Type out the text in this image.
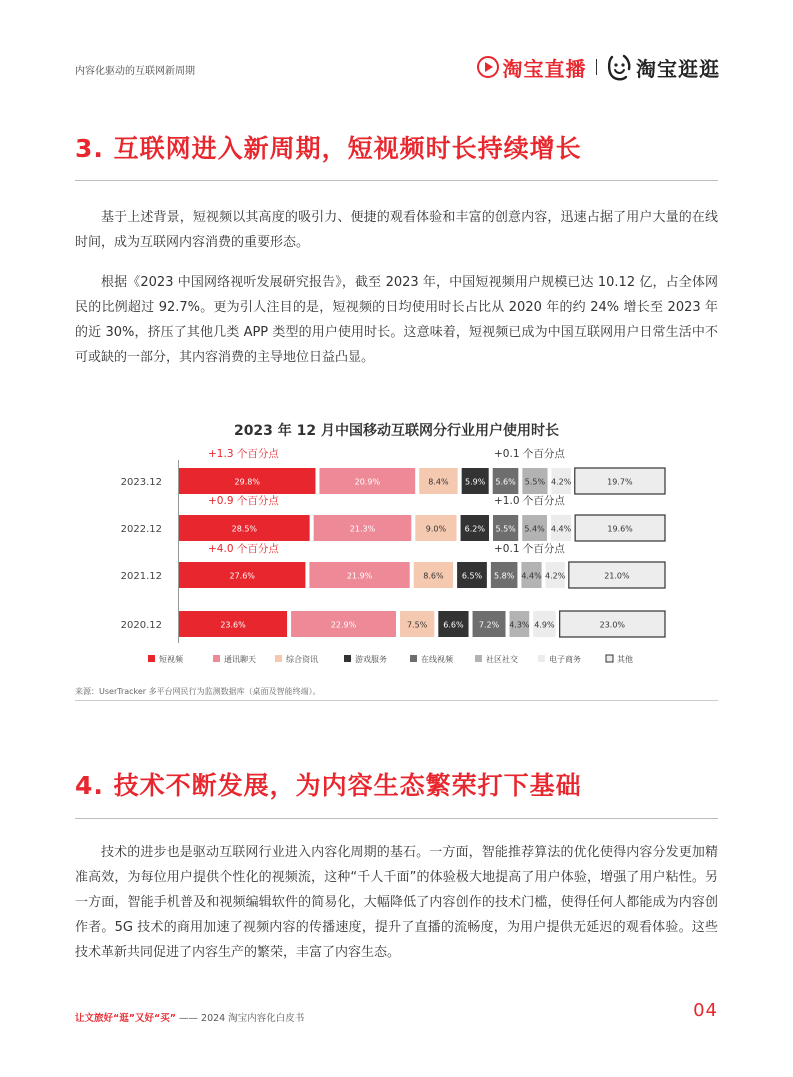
内容化驱动的互联网新周期	淘宝直播 淘宝逛逛
3. 互联网进入新周期，短视频时长持续增长

基于上述背景，短视频以其高度的吸引力、便捷的观看体验和丰富的创意内容，迅速占据了用户大量的在线时间，成为互联网内容消费的重要形态。

根据《2023 中国网络视听发展研究报告》，截至 2023 年，中国短视频用户规模已达 10.12 亿，占全体网民的比例超过 92.7%。更为引人注目的是，短视频的日均使用时长占比从 2020 年的约 24% 增长至 2023 年的近 30%，挤压了其他几类 APP 类型的用户使用时长。这意味着，短视频已成为中国互联网用户日常生活中不可或缺的一部分，其内容消费的主导地位日益凸显。

2023 年 12 月中国移动互联网分行业用户使用时长
2023.12	29.8%	20.9%	8.4% 5.9% 5.6% 5.5% 4.2%	19.7%
2022.12	28.5%	21.3%	9.0% 6.2% 5.5% 5.4% 4.4%	19.6%
2021.12	27.6%	21.9%	8.6% 6.5% 5.8% 4.4% 4.2%	21.0%
2020.12	23.6%	22.9%	7.5% 6.6% 7.2% 4.3% 4.9%	23.0%
+1.3 个百分点
+0.9 个百分点
+4.0 个百分点
+0.1 个百分点
+1.0 个百分点
+0.1 个百分点
短视频	通讯聊天	综合资讯	游戏服务	在线视频	社区社交	电子商务	其他
来源：UserTracker 多平台网民行为监测数据库（桌面及智能终端）。
4. 技术不断发展，为内容生态繁荣打下基础

技术的进步也是驱动互联网行业进入内容化周期的基石。一方面，智能推荐算法的优化使得内容分发更加精准高效，为每位用户提供个性化的视频流，这种“千人千面”的体验极大地提高了用户体验，增强了用户粘性。另一方面，智能手机普及和视频编辑软件的简易化，大幅降低了内容创作的技术门槛，使得任何人都能成为内容创作者。5G 技术的商用加速了视频内容的传播速度，提升了直播的流畅度，为用户提供无延迟的观看体验。这些技术革新共同促进了内容生产的繁荣，丰富了内容生态。

让文旅好“逛”又好“买” —— 2024 淘宝内容化白皮书	04
